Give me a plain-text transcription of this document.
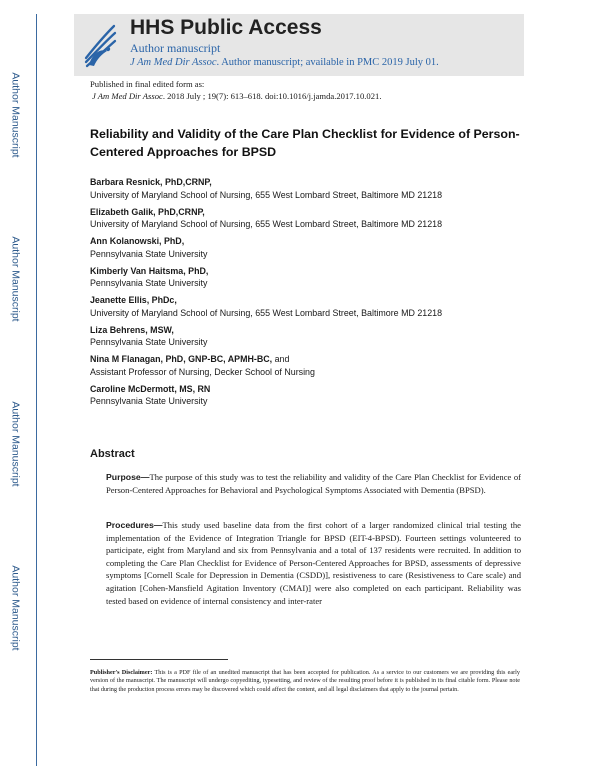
Author Manuscript
Author Manuscript
Author Manuscript
Author Manuscript
HHS Public Access
Author manuscript
J Am Med Dir Assoc. Author manuscript; available in PMC 2019 July 01.
Published in final edited form as:
J Am Med Dir Assoc. 2018 July ; 19(7): 613–618. doi:10.1016/j.jamda.2017.10.021.
Reliability and Validity of the Care Plan Checklist for Evidence of Person-Centered Approaches for BPSD
Barbara Resnick, PhD,CRNP,
University of Maryland School of Nursing, 655 West Lombard Street, Baltimore MD 21218
Elizabeth Galik, PhD,CRNP,
University of Maryland School of Nursing, 655 West Lombard Street, Baltimore MD 21218
Ann Kolanowski, PhD,
Pennsylvania State University
Kimberly Van Haitsma, PhD,
Pennsylvania State University
Jeanette Ellis, PhDc,
University of Maryland School of Nursing, 655 West Lombard Street, Baltimore MD 21218
Liza Behrens, MSW,
Pennsylvania State University
Nina M Flanagan, PhD, GNP-BC, APMH-BC, and
Assistant Professor of Nursing, Decker School of Nursing
Caroline McDermott, MS, RN
Pennsylvania State University
Abstract
Purpose—The purpose of this study was to test the reliability and validity of the Care Plan Checklist for Evidence of Person-Centered Approaches for Behavioral and Psychological Symptoms Associated with Dementia (BPSD).
Procedures—This study used baseline data from the first cohort of a larger randomized clinical trial testing the implementation of the Evidence of Integration Triangle for BPSD (EIT-4-BPSD). Fourteen settings volunteered to participate, eight from Maryland and six from Pennsylvania and a total of 137 residents were recruited. In addition to completing the Care Plan Checklist for Evidence of Person-Centered Approaches for BPSD, assessments of depressive symptoms [Cornell Scale for Depression in Dementia (CSDD)], resistiveness to care (Resistiveness to Care scale) and agitation [Cohen-Mansfield Agitation Inventory (CMAI)] were also completed on each participant. Reliability was tested based on evidence of internal consistency and inter-rater
Publisher's Disclaimer: This is a PDF file of an unedited manuscript that has been accepted for publication. As a service to our customers we are providing this early version of the manuscript. The manuscript will undergo copyediting, typesetting, and review of the resulting proof before it is published in its final citable form. Please note that during the production process errors may be discovered which could affect the content, and all legal disclaimers that apply to the journal pertain.
